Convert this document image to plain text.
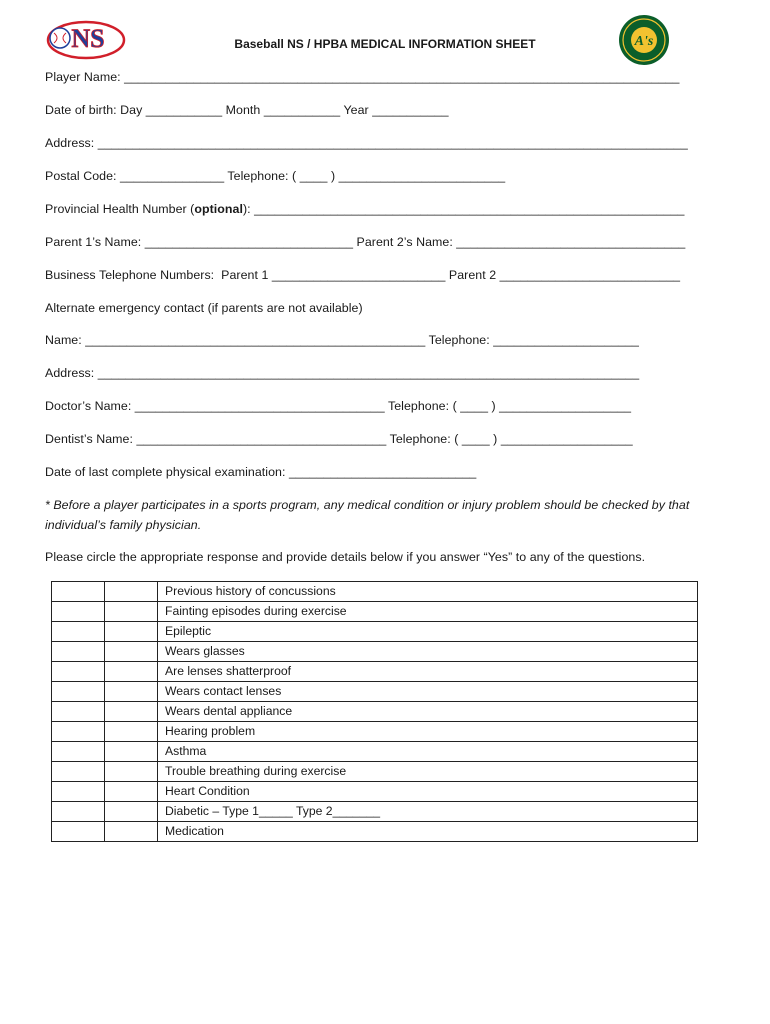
NS	A's
Baseball NS / HPBA MEDICAL INFORMATION SHEET
Player Name: ________________________________________________________________________________
Date of birth: Day ___________ Month ___________ Year ___________
Address: _____________________________________________________________________________________
Postal Code: _______________ Telephone: ( ____ ) ________________________
Provincial Health Number (optional): ______________________________________________________________
Parent 1’s Name: ______________________________ Parent 2’s Name: _________________________________
Business Telephone Numbers:  Parent 1 _________________________ Parent 2 __________________________
Alternate emergency contact (if parents are not available)
Name: _________________________________________________ Telephone: _____________________
Address: ______________________________________________________________________________
Doctor’s Name: ____________________________________ Telephone: ( ____ ) ___________________
Dentist’s Name: ____________________________________ Telephone: ( ____ ) ___________________
Date of last complete physical examination: ___________________________
* Before a player participates in a sports program, any medical condition or injury problem should be checked by that
individual’s family physician.
Please circle the appropriate response and provide details below if you answer “Yes” to any of the questions.
		Previous history of concussions
		Fainting episodes during exercise
		Epileptic
		Wears glasses
		Are lenses shatterproof
		Wears contact lenses
		Wears dental appliance
		Hearing problem
		Asthma
		Trouble breathing during exercise
		Heart Condition
		Diabetic – Type 1_____ Type 2_______
		Medication
